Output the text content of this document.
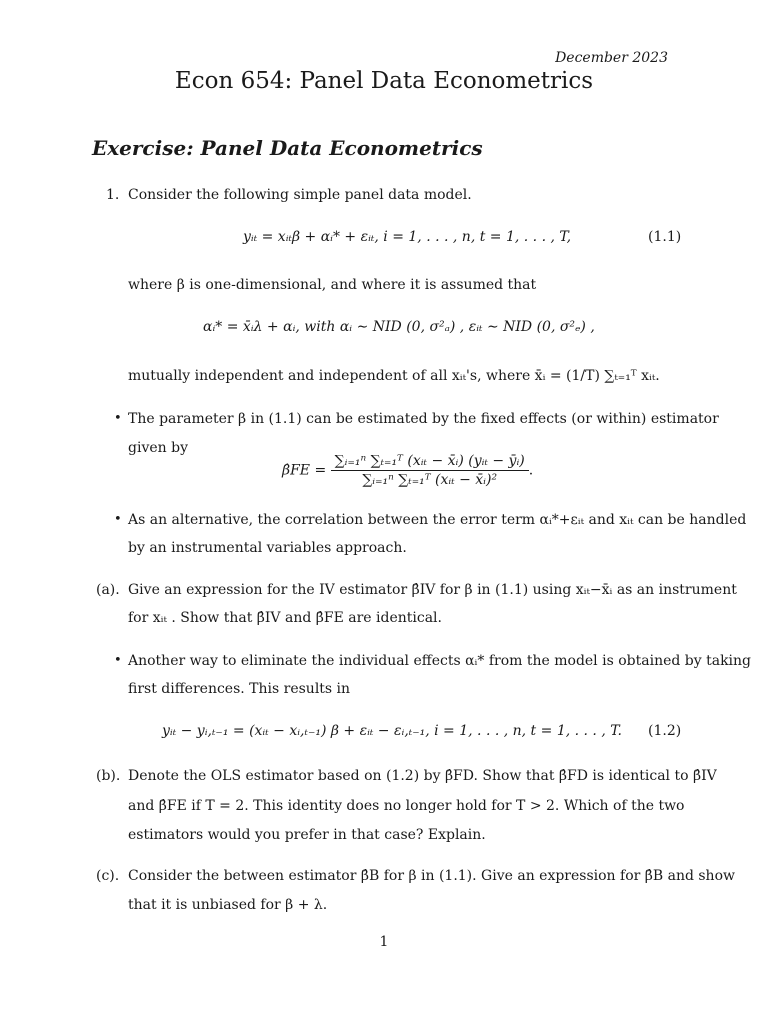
December 2023
Econ 654: Panel Data Econometrics
Exercise: Panel Data Econometrics
1. Consider the following simple panel data model.
yᵢₜ = xᵢₜβ + αᵢ* + εᵢₜ, i = 1, . . . , n, t = 1, . . . , T,	(1.1)
where β is one-dimensional, and where it is assumed that
αᵢ* = x̄ᵢλ + αᵢ, with αᵢ ∼ NID (0, σ²ₐ) , εᵢₜ ∼ NID (0, σ²ₑ) ,
mutually independent and independent of all xᵢₜ's, where x̄ᵢ = (1/T) ∑ₜ₌₁ᵀ xᵢₜ.
• The parameter β in (1.1) can be estimated by the fixed effects (or within) estimator
given by
β̂FE = $\frac{\text{∑ᵢ₌₁ⁿ ∑ₜ₌₁ᵀ (xᵢₜ − x̄ᵢ) (yᵢₜ − ȳᵢ)}}{\text{∑ᵢ₌₁ⁿ ∑ₜ₌₁ᵀ (xᵢₜ − x̄ᵢ)²}}$ .
• As an alternative, the correlation between the error term αᵢ*+εᵢₜ and xᵢₜ can be handled
by an instrumental variables approach.
(a). Give an expression for the IV estimator β̂IV for β in (1.1) using xᵢₜ−x̄ᵢ as an instrument
for xᵢₜ . Show that β̂IV and β̂FE are identical.
• Another way to eliminate the individual effects αᵢ* from the model is obtained by taking
first differences. This results in
yᵢₜ − yᵢ,ₜ₋₁ = (xᵢₜ − xᵢ,ₜ₋₁) β + εᵢₜ − εᵢ,ₜ₋₁, i = 1, . . . , n, t = 1, . . . , T. (1.2)
(b). Denote the OLS estimator based on (1.2) by β̂FD. Show that β̂FD is identical to β̂IV
and β̂FE if T = 2. This identity does no longer hold for T > 2. Which of the two
estimators would you prefer in that case? Explain.
(c). Consider the between estimator β̂B for β in (1.1). Give an expression for β̂B and show
that it is unbiased for β + λ.
1
